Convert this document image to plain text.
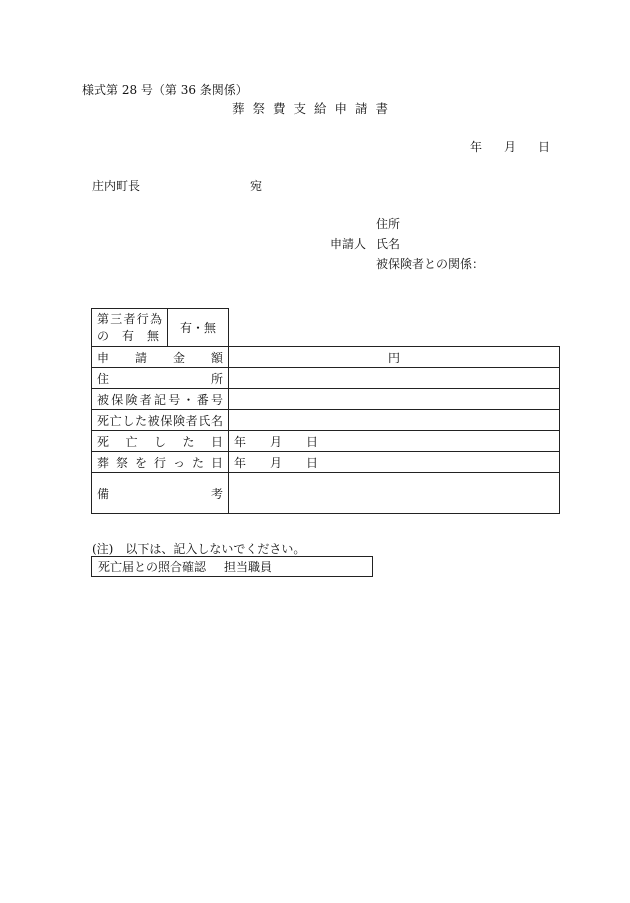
様式第 28 号（第 36 条関係）
葬祭費支給申請書
年 月 日
庄内町長	宛
住所
申請人 氏名
被保険者との関係：
第三者行為
の有無	有・無	
申請金額		円
住所		
被保険者記号・番号		
死亡した被保険者氏名		
死亡した日		年 月 日
葬祭を行った日		年 月 日
備考		
(注) 以下は、記入しないでください。
死亡届との照合確認 担当職員
